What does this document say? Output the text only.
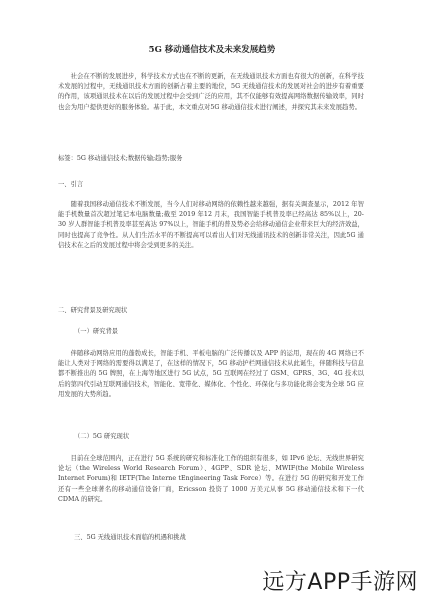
5G 移动通信技术及未来发展趋势

社会在不断的发展进步，科学技术方式也在不断的更新，在无线通讯技术方面也有很大的创新，在科学技术发展的过程中，无线通讯技术方面的创新占着主要的地位，5G 无线通信技术的发展对社会的进步有着重要的作用，该项通讯技术在以后的发展过程中会受到广泛的应用，其不仅能够有效提高网络数据传输效率，同时也会为用户提供更好的服务体验。基于此，本文重点对5G 移动通信技术进行阐述，并探究其未来发展趋势。

标签：5G 移动通信技术;数据传输;趋势;服务
一、引言

随着我国移动通信技术不断发展，当今人们对移动网络的依赖性越来越强，据有关调查显示，2012 年智能手机数量首次超过笔记本电脑数量;截至 2019 年12 月末，我国智能手机普及率已经高达 85%以上，20-30 岁人群智能手机普及率甚至高达 97%以上，智能手机的普及势必会给移动通信企业带来巨大的经济效益，同时也提高了竞争性。从人们生活水平的不断提高可以看出人们对无线通讯技术的创新非常关注，因此5G 通信技术在之后的发展过程中将会受到更多的关注。

二、研究背景及研究现状
（一）研究背景

伴随移动网络应用的蓬勃成长，智能手机、平板电脑的广泛传播以及 APP 的运用，现在的 4G 网络已不能让人类对于网络的需要得以满足了，在这样的情况下，5G 移动护栏网通信技术从此诞生，伴随科技与信息都不断推出的 5G 牌照，在上海等地区进行 5G 试点，5G 互联网在经过了 GSM、GPRS、3G、4G 技术以后的第四代引动互联网通信技术，智能化、宽带化、媒体化、个性化、环保化与多功能化将会变为全球 5G 应用发展的大势所趋。

（二）5G 研究现状

目前在全球范围内，正在进行 5G 系统的研究和标准化工作的组织有很多，如 IPv6 论坛、无线世界研究论坛（the Wireless World Research Forum）、4GPP、SDR 论坛、MWIF(the Mobile Wireless Internet Forum)和 IETF(The Interne tEngineering Task Force）等。在进行 5G 的研究和开发工作还有一些全球著名的移动通信设备厂商，Ericsson 投资了 1000 万美元从事 5G 移动通信技术和下一代 CDMA 的研究。

三、5G 无线通讯技术面临的机遇和挑战
远方APP手游网
